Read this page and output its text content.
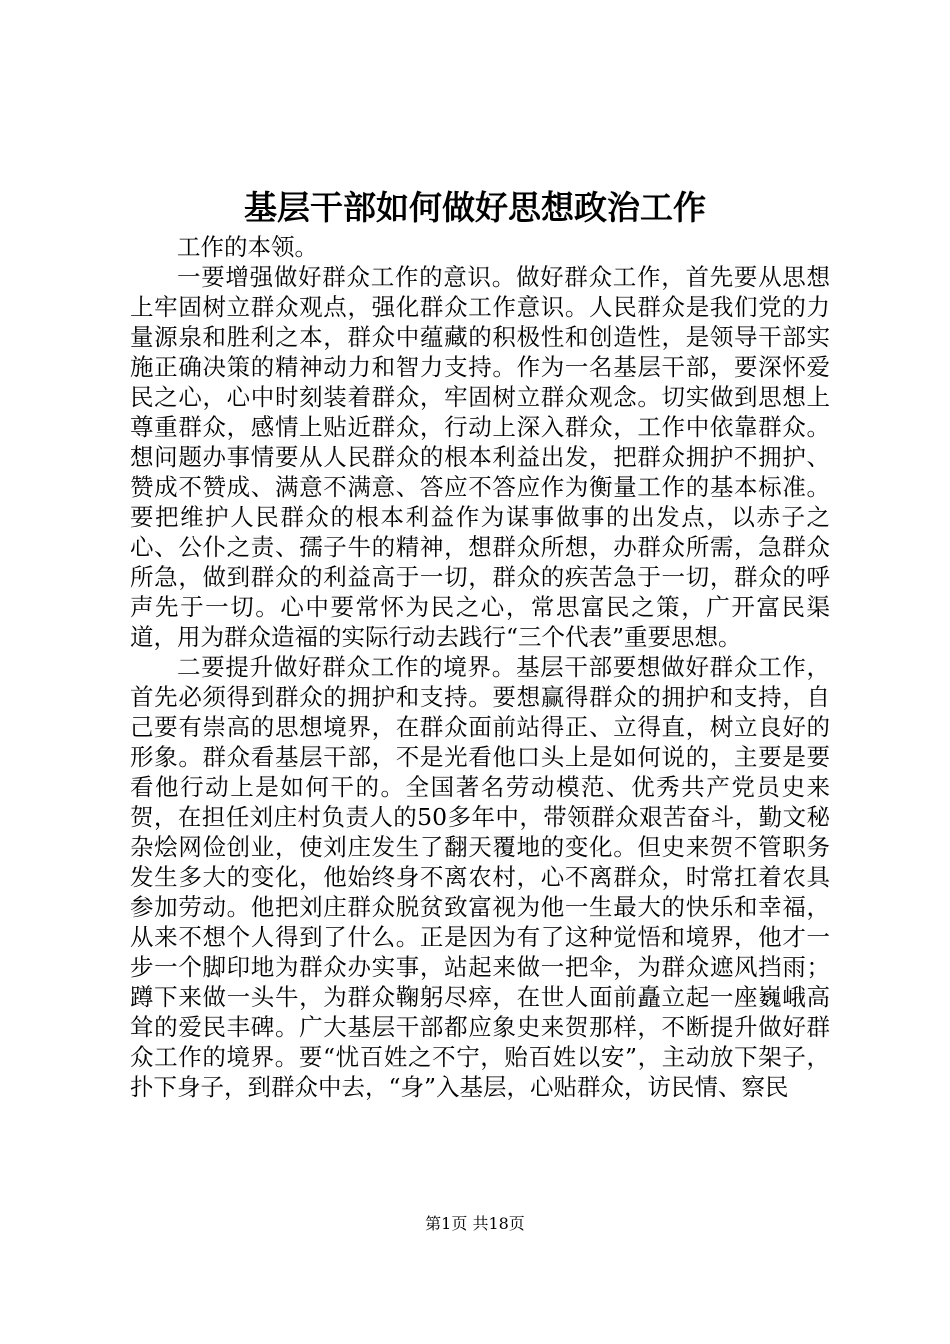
基层干部如何做好思想政治工作

工作的本领。

一要增强做好群众工作的意识。做好群众工作，首先要从思想上牢固树立群众观点，强化群众工作意识。人民群众是我们党的力量源泉和胜利之本，群众中蕴藏的积极性和创造性，是领导干部实施正确决策的精神动力和智力支持。作为一名基层干部，要深怀爱民之心，心中时刻装着群众，牢固树立群众观念。切实做到思想上尊重群众，感情上贴近群众，行动上深入群众，工作中依靠群众。想问题办事情要从人民群众的根本利益出发，把群众拥护不拥护、赞成不赞成、满意不满意、答应不答应作为衡量工作的基本标准。要把维护人民群众的根本利益作为谋事做事的出发点，以赤子之心、公仆之责、孺子牛的精神，想群众所想，办群众所需，急群众所急，做到群众的利益高于一切，群众的疾苦急于一切，群众的呼声先于一切。心中要常怀为民之心，常思富民之策，广开富民渠道，用为群众造福的实际行动去践行“三个代表”重要思想。

二要提升做好群众工作的境界。基层干部要想做好群众工作，首先必须得到群众的拥护和支持。要想赢得群众的拥护和支持，自己要有崇高的思想境界，在群众面前站得正、立得直，树立良好的形象。群众看基层干部，不是光看他口头上是如何说的，主要是要看他行动上是如何干的。全国著名劳动模范、优秀共产党员史来贺，在担任刘庄村负责人的50多年中，带领群众艰苦奋斗，勤文秘杂烩网俭创业，使刘庄发生了翻天覆地的变化。但史来贺不管职务发生多大的变化，他始终身不离农村，心不离群众，时常扛着农具参加劳动。他把刘庄群众脱贫致富视为他一生最大的快乐和幸福，从来不想个人得到了什么。正是因为有了这种觉悟和境界，他才一步一个脚印地为群众办实事，站起来做一把伞，为群众遮风挡雨；蹲下来做一头牛，为群众鞠躬尽瘁，在世人面前矗立起一座巍峨高耸的爱民丰碑。广大基层干部都应象史来贺那样，不断提升做好群众工作的境界。要“忧百姓之不宁，贻百姓以安”，主动放下架子，扑下身子，到群众中去，“身”入基层，心贴群众，访民情、察民

第1页 共18页
